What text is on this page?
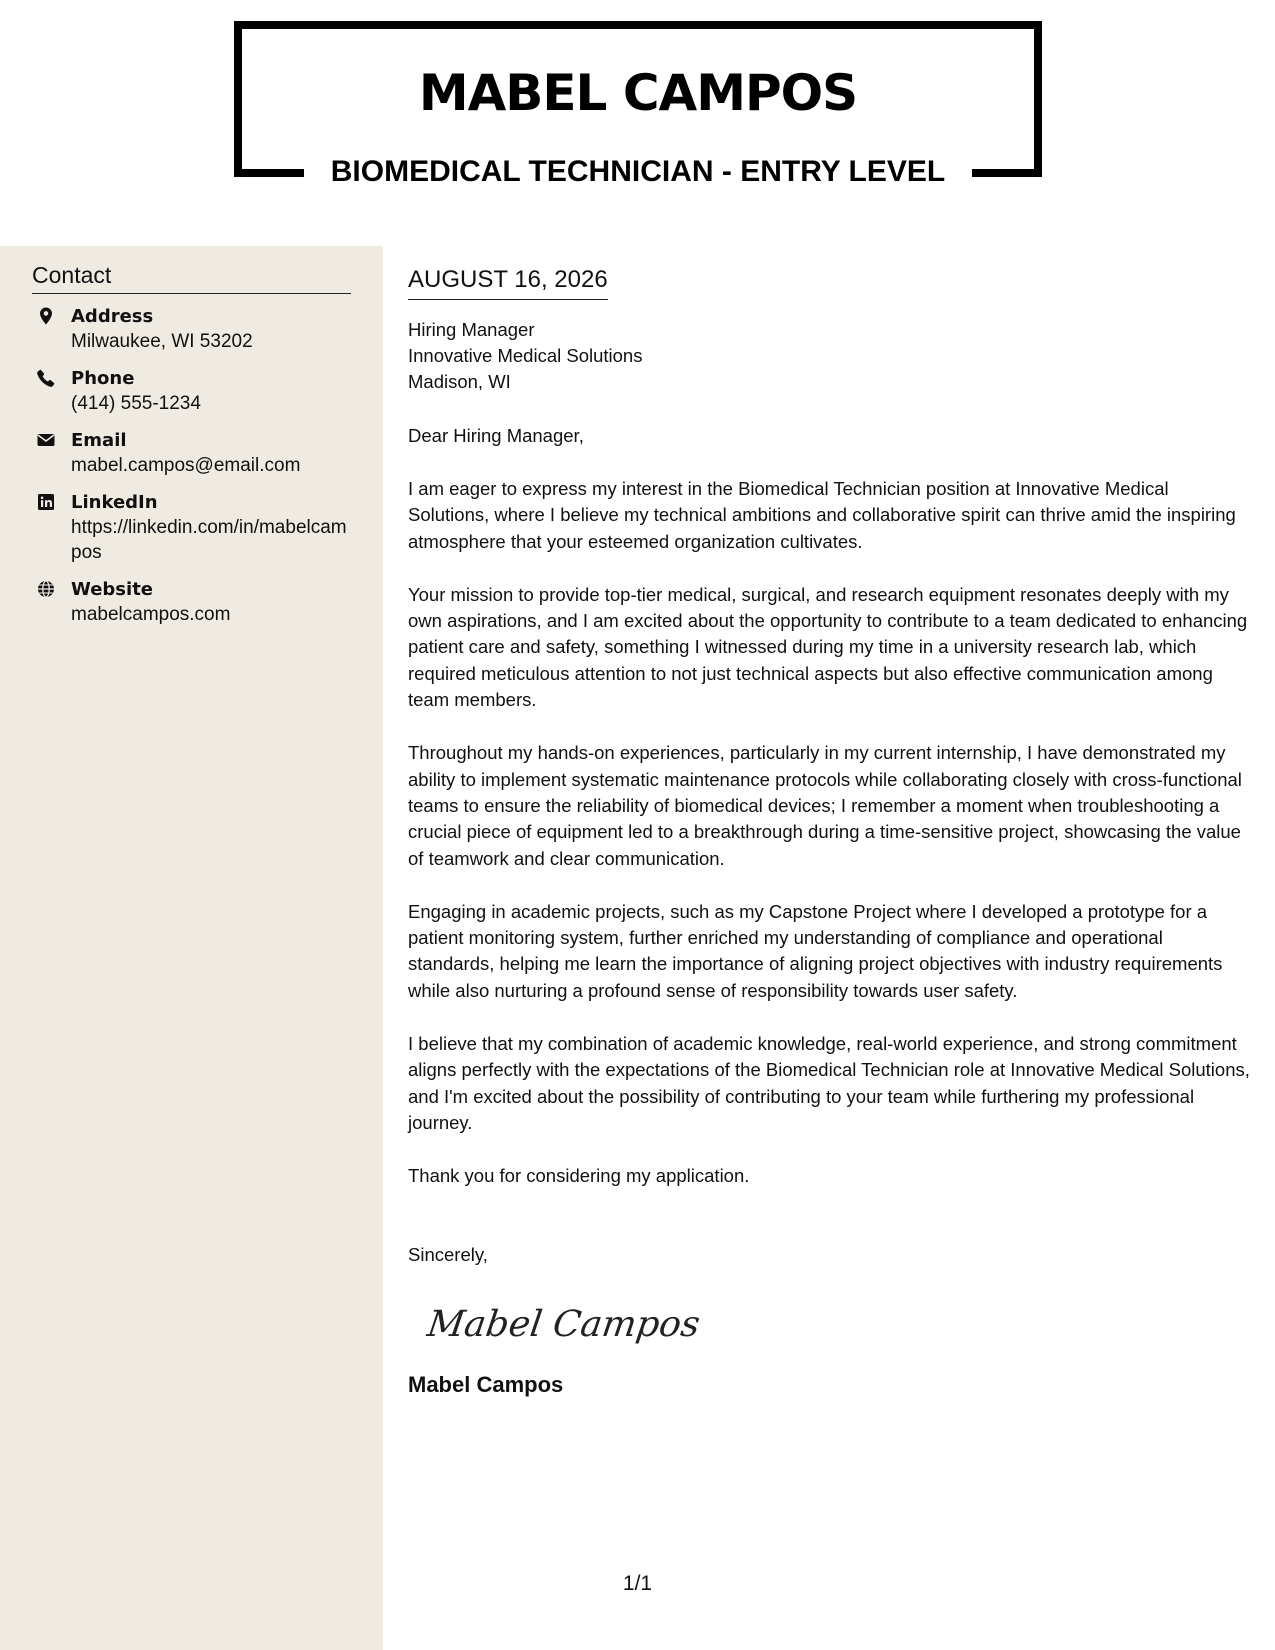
MABEL CAMPOS
BIOMEDICAL TECHNICIAN - ENTRY LEVEL
Contact
Address
Milwaukee, WI 53202
Phone
(414) 555-1234
Email
mabel.campos@email.com
LinkedIn
https://linkedin.com/in/mabelcampos
Website
mabelcampos.com
AUGUST 16, 2026
Hiring Manager
Innovative Medical Solutions
Madison, WI
Dear Hiring Manager,
I am eager to express my interest in the Biomedical Technician position at Innovative Medical Solutions, where I believe my technical ambitions and collaborative spirit can thrive amid the inspiring atmosphere that your esteemed organization cultivates.
Your mission to provide top-tier medical, surgical, and research equipment resonates deeply with my own aspirations, and I am excited about the opportunity to contribute to a team dedicated to enhancing patient care and safety, something I witnessed during my time in a university research lab, which required meticulous attention to not just technical aspects but also effective communication among team members.
Throughout my hands-on experiences, particularly in my current internship, I have demonstrated my ability to implement systematic maintenance protocols while collaborating closely with cross-functional teams to ensure the reliability of biomedical devices; I remember a moment when troubleshooting a crucial piece of equipment led to a breakthrough during a time-sensitive project, showcasing the value of teamwork and clear communication.
Engaging in academic projects, such as my Capstone Project where I developed a prototype for a patient monitoring system, further enriched my understanding of compliance and operational standards, helping me learn the importance of aligning project objectives with industry requirements while also nurturing a profound sense of responsibility towards user safety.
I believe that my combination of academic knowledge, real-world experience, and strong commitment aligns perfectly with the expectations of the Biomedical Technician role at Innovative Medical Solutions, and I'm excited about the possibility of contributing to your team while furthering my professional journey.
Thank you for considering my application.
Sincerely,
Mabel Campos
Mabel Campos
1/1
